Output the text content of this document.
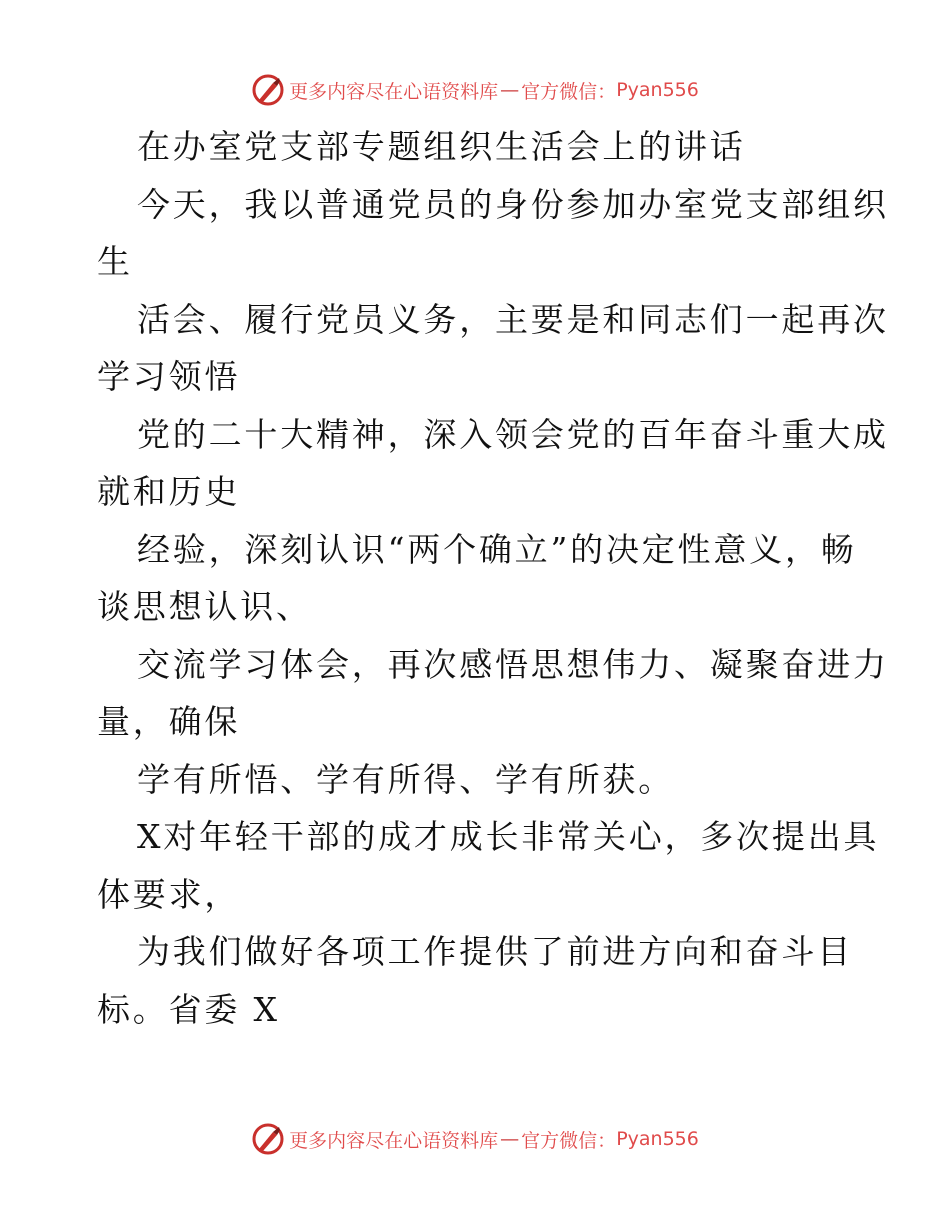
更多内容尽在心语资料库 — 官方微信： Pyan556
在办室党支部专题组织生活会上的讲话
今天，我以普通党员的身份参加办室党支部组织
生
活会、履行党员义务，主要是和同志们一起再次
学习领悟
党的二十大精神，深入领会党的百年奋斗重大成
就和历史
经验，深刻认识“两个确立”的决定性意义，畅
谈思想认识、
交流学习体会，再次感悟思想伟力、凝聚奋进力
量，确保
学有所悟、学有所得、学有所获。
X对年轻干部的成才成长非常关心，多次提出具
体要求，
为我们做好各项工作提供了前进方向和奋斗目
标。省委 X
更多内容尽在心语资料库 — 官方微信： Pyan556
